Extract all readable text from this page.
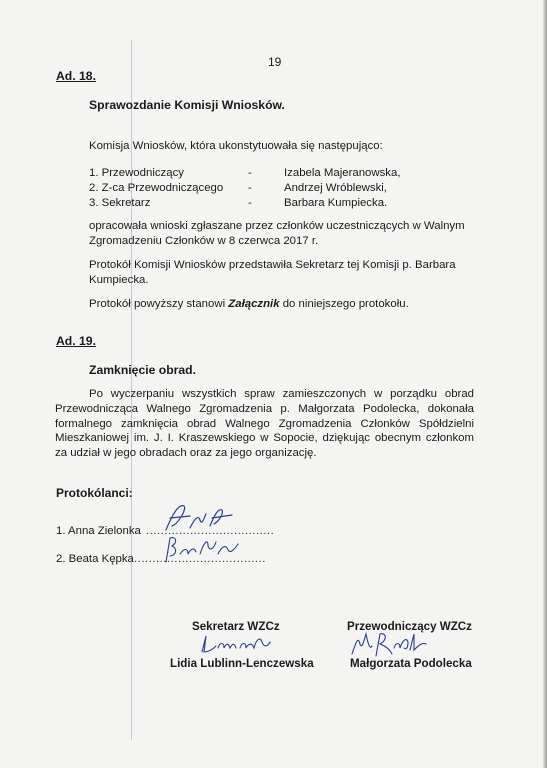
19
Ad. 18.
Sprawozdanie Komisji Wniosków.
Komisja Wniosków, która ukonstytuowała się następująco:
1. Przewodniczący	-	Izabela Majeranowska,
2. Z-ca Przewodniczącego -	Andrzej Wróblewski,
3. Sekretarz	-	Barbara Kumpiecka.
opracowała wnioski zgłaszane przez członków uczestniczących w Walnym
Zgromadzeniu Członków w 8 czerwca 2017 r.
Protokół Komisji Wniosków przedstawiła Sekretarz tej Komisji p. Barbara
Kumpiecka.
Protokół powyższy stanowi Załącznik do niniejszego protokołu.
Ad. 19.
Zamknięcie obrad.
Po wyczerpaniu wszystkich spraw zamieszczonych w porządku obrad Przewodnicząca Walnego Zgromadzenia p. Małgorzata Podolecka, dokonała formalnego zamknięcia obrad Walnego Zgromadzenia Członków Spółdzielni Mieszkaniowej im. J. I. Kraszewskiego w Sopocie, dziękując obecnym członkom za udział w jego obradach oraz za jego organizację.
Protokólanci:
1. Anna Zielonka ...................................
2. Beata Kępka ....................................
Sekretarz WZCz
Lidia Lublinn-Lenczewska
Przewodniczący WZCz
Małgorzata Podolecka
